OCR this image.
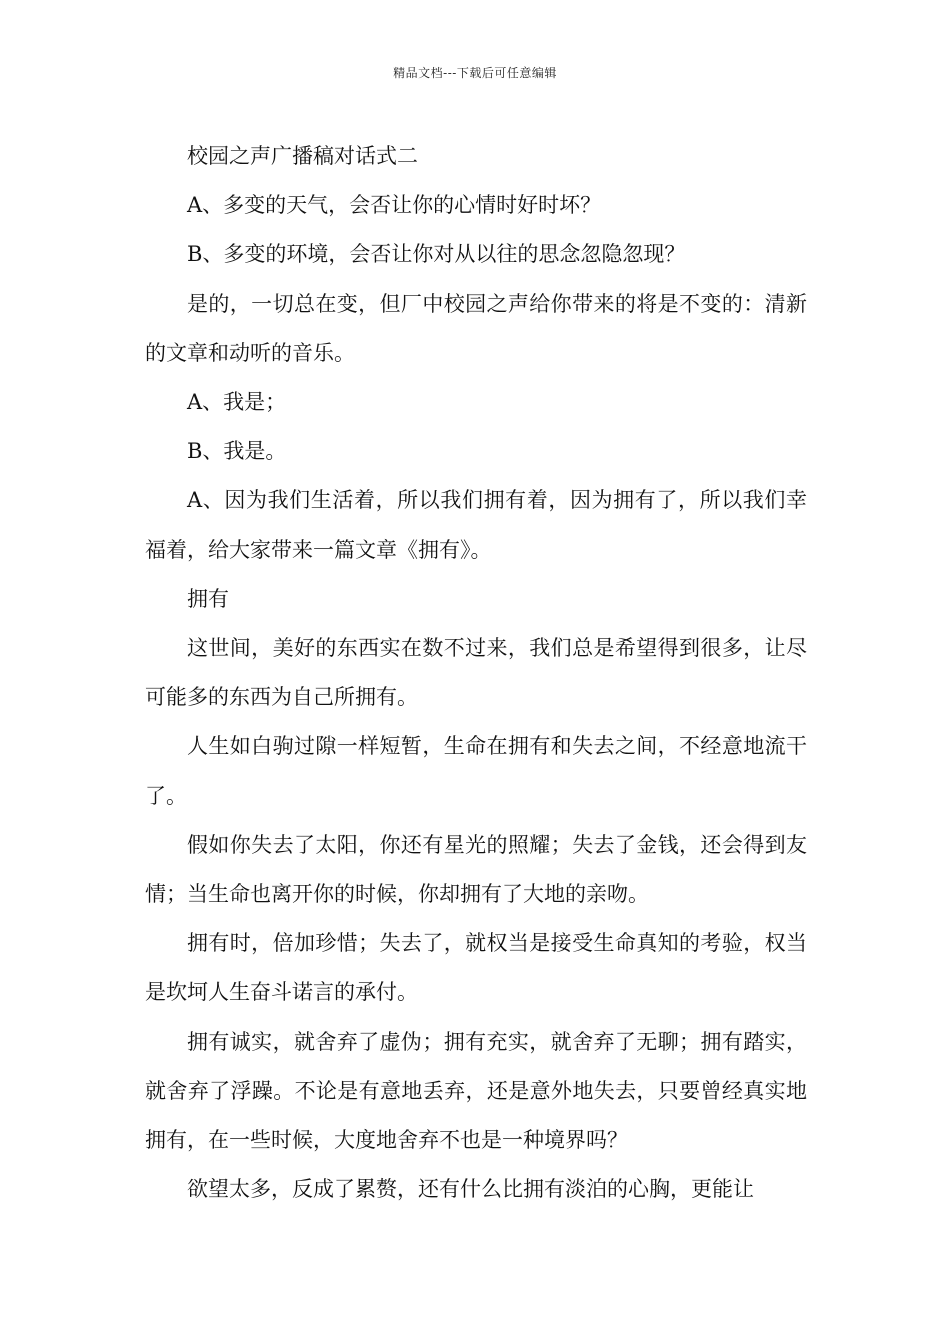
精品文档---下载后可任意编辑

校园之声广播稿对话式二

A、多变的天气，会否让你的心情时好时坏？

B、多变的环境，会否让你对从以往的思念忽隐忽现？

是的，一切总在变，但厂中校园之声给你带来的将是不变的：清新的文章和动听的音乐。

A、我是；

B、我是。

A、因为我们生活着，所以我们拥有着，因为拥有了，所以我们幸福着，给大家带来一篇文章《拥有》。

拥有

这世间，美好的东西实在数不过来，我们总是希望得到很多，让尽可能多的东西为自己所拥有。

人生如白驹过隙一样短暂，生命在拥有和失去之间，不经意地流干了。

假如你失去了太阳，你还有星光的照耀；失去了金钱，还会得到友情；当生命也离开你的时候，你却拥有了大地的亲吻。

拥有时，倍加珍惜；失去了，就权当是接受生命真知的考验，权当是坎坷人生奋斗诺言的承付。

拥有诚实，就舍弃了虚伪；拥有充实，就舍弃了无聊；拥有踏实，就舍弃了浮躁。不论是有意地丢弃，还是意外地失去，只要曾经真实地拥有，在一些时候，大度地舍弃不也是一种境界吗？

欲望太多，反成了累赘，还有什么比拥有淡泊的心胸，更能让
